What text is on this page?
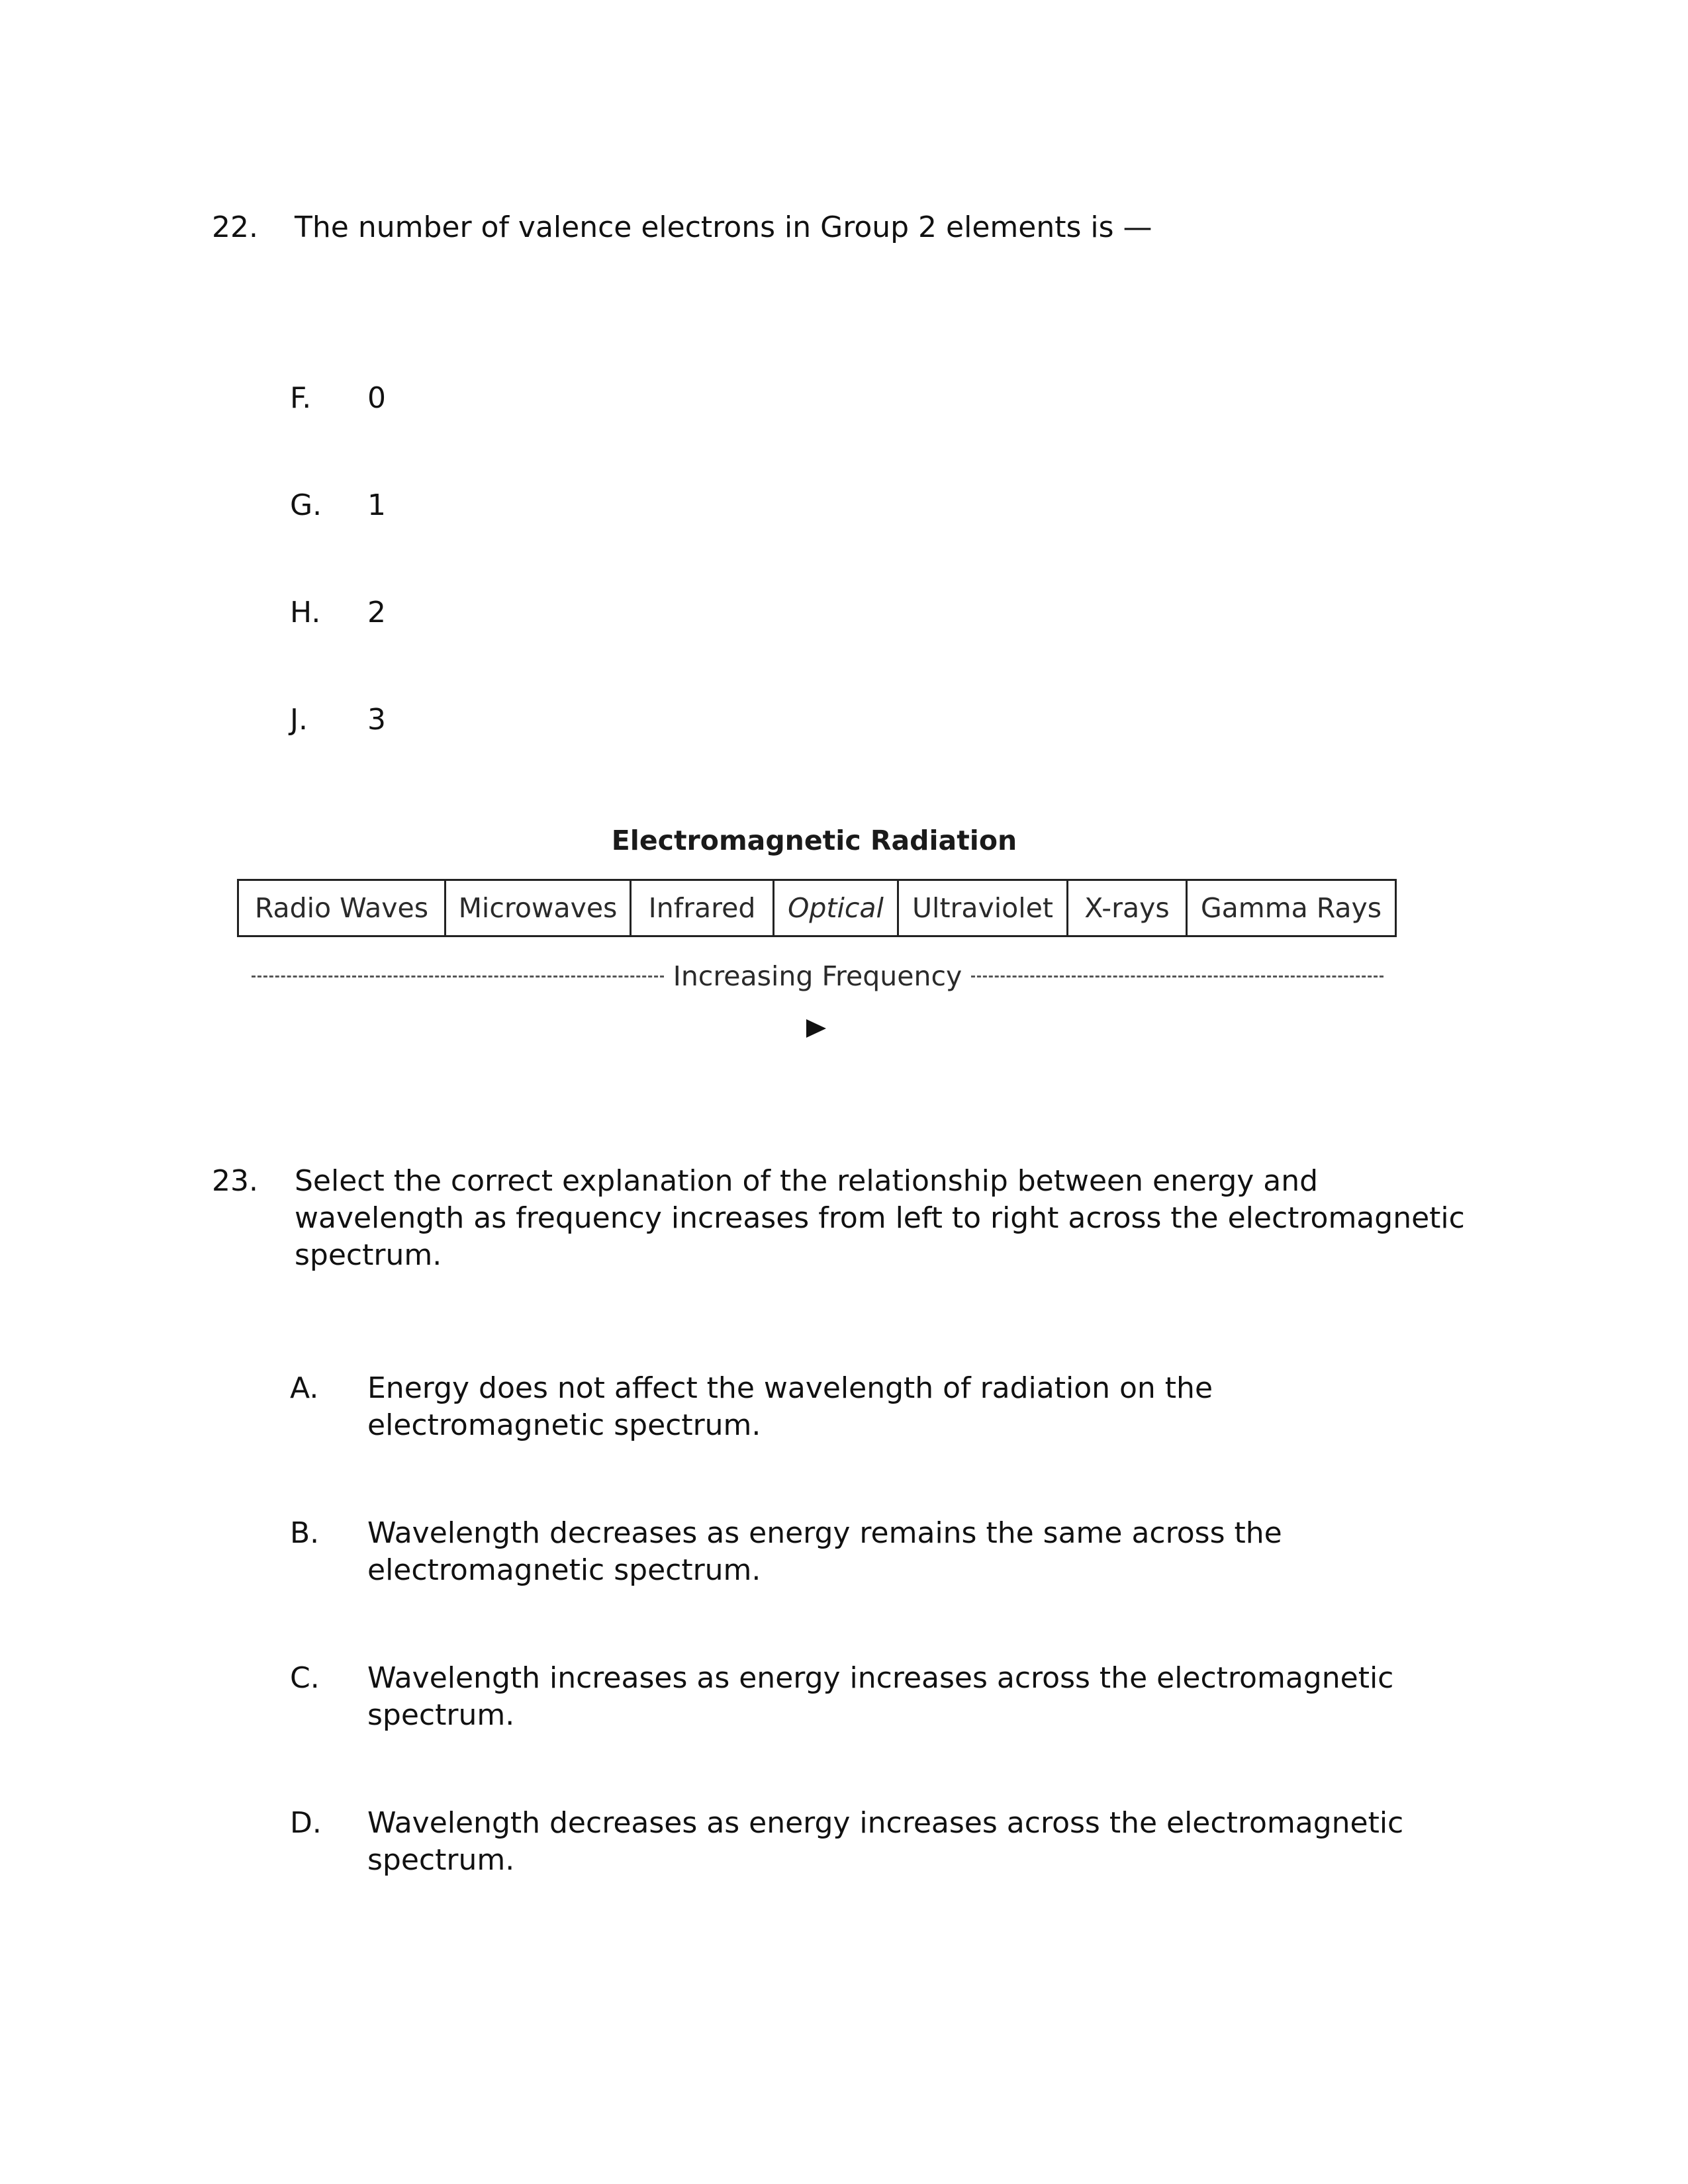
22. The number of valence electrons in Group 2 elements is —
F. 0
G. 1
H. 2
J. 3
Electromagnetic Radiation
Radio Waves	Microwaves	Infrared	Optical	Ultraviolet	X-rays	Gamma Rays
Increasing Frequency
23. Select the correct explanation of the relationship between energy and wavelength as frequency increases from left to right across the electromagnetic spectrum.
A. Energy does not affect the wavelength of radiation on the electromagnetic spectrum.
B. Wavelength decreases as energy remains the same across the electromagnetic spectrum.
C. Wavelength increases as energy increases across the electromagnetic spectrum.
D. Wavelength decreases as energy increases across the electromagnetic spectrum.
